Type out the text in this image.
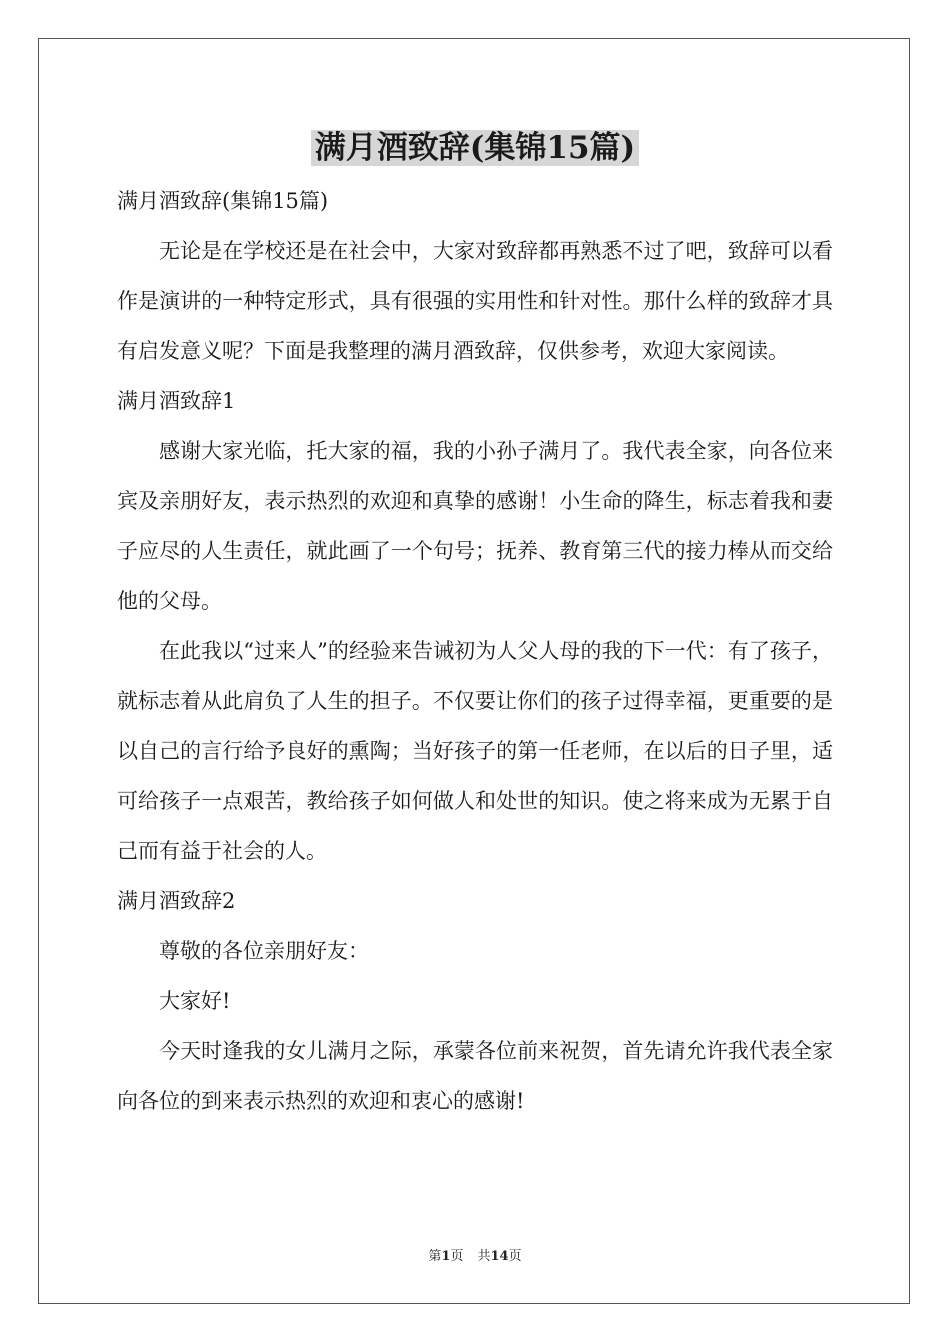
满月酒致辞(集锦15篇)

满月酒致辞(集锦15篇)

无论是在学校还是在社会中，大家对致辞都再熟悉不过了吧，致辞可以看作是演讲的一种特定形式，具有很强的实用性和针对性。那什么样的致辞才具有启发意义呢？下面是我整理的满月酒致辞，仅供参考，欢迎大家阅读。

满月酒致辞1

感谢大家光临，托大家的福，我的小孙子满月了。我代表全家，向各位来宾及亲朋好友，表示热烈的欢迎和真挚的感谢！小生命的降生，标志着我和妻子应尽的人生责任，就此画了一个句号；抚养、教育第三代的接力棒从而交给他的父母。

在此我以“过来人”的经验来告诫初为人父人母的我的下一代：有了孩子，就标志着从此肩负了人生的担子。不仅要让你们的孩子过得幸福，更重要的是以自己的言行给予良好的熏陶；当好孩子的第一任老师，在以后的日子里，适可给孩子一点艰苦，教给孩子如何做人和处世的知识。使之将来成为无累于自己而有益于社会的人。

满月酒致辞2

尊敬的各位亲朋好友：

大家好!

今天时逢我的女儿满月之际，承蒙各位前来祝贺，首先请允许我代表全家向各位的到来表示热烈的欢迎和衷心的感谢!

第1页 共14页
